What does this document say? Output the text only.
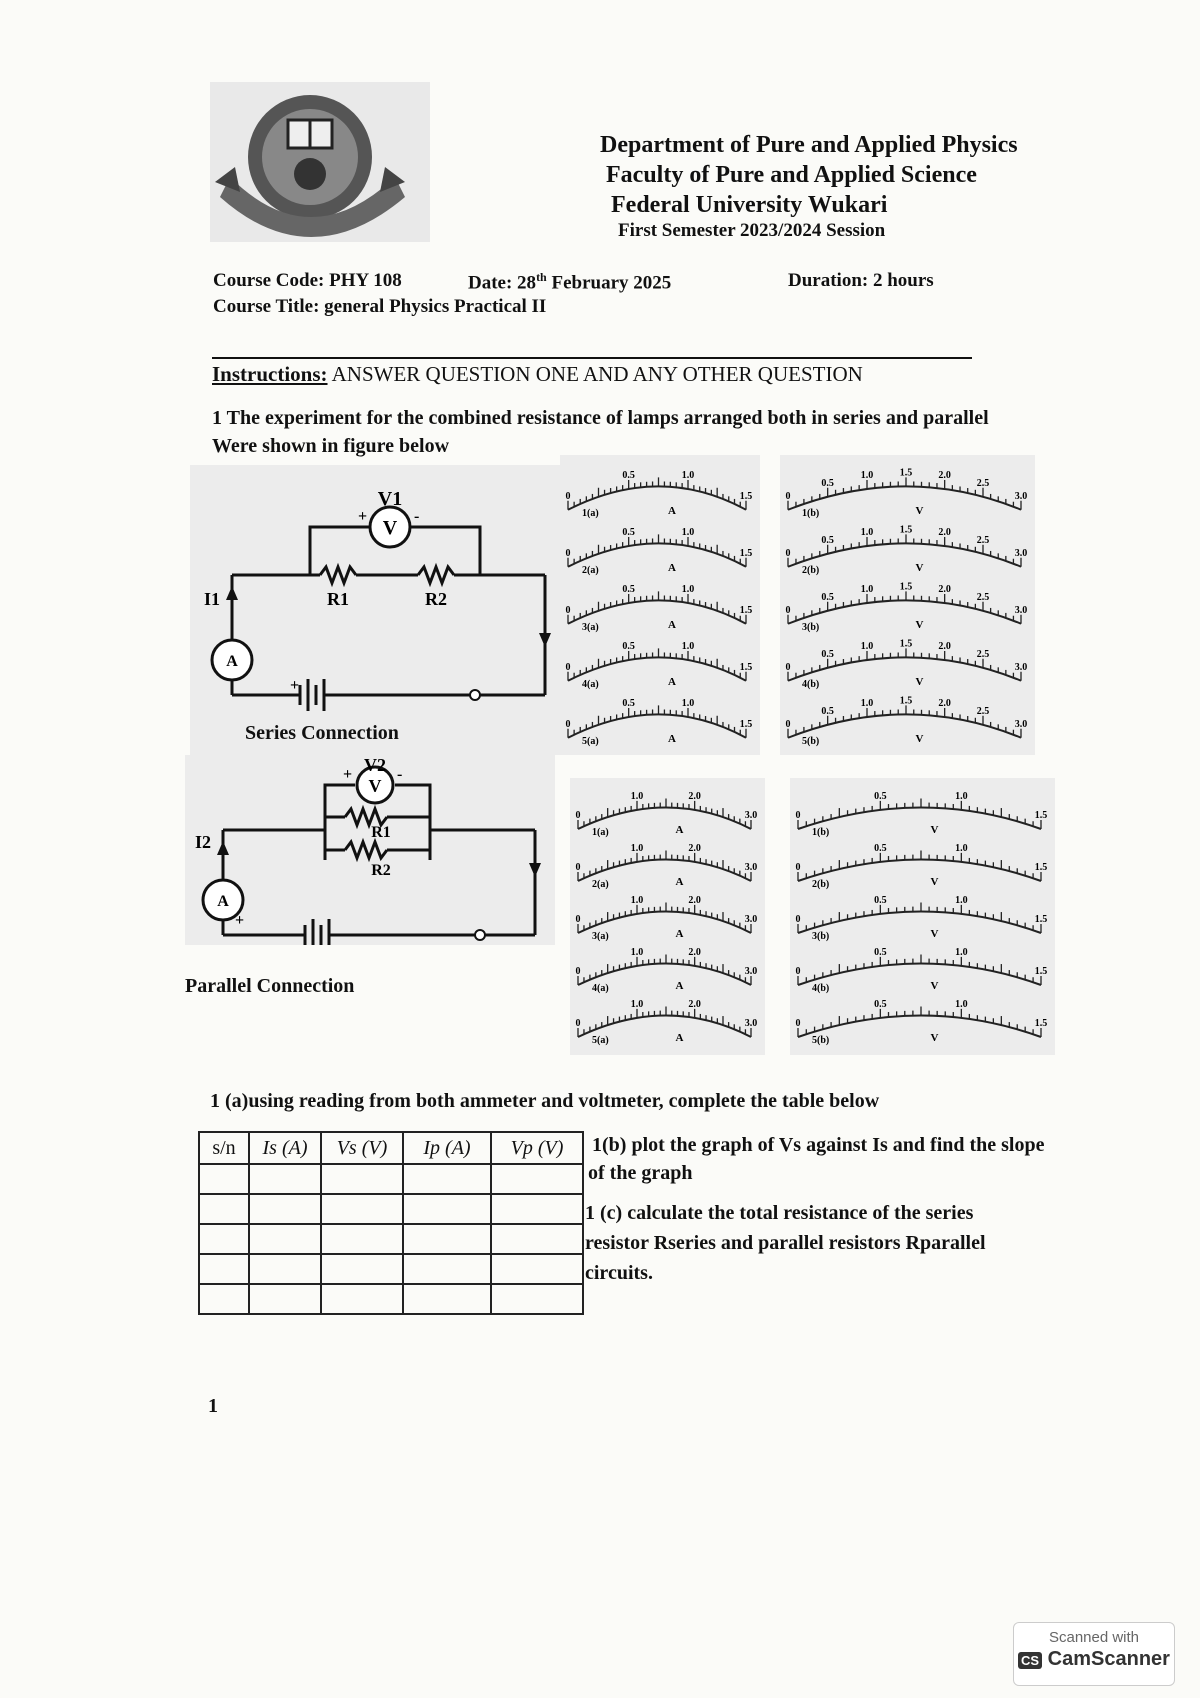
Department of Pure and Applied Physics
Faculty of Pure and Applied Science
Federal University Wukari
First Semester 2023/2024 Session
Course Code: PHY 108	Date: 28th February 2025	Duration: 2 hours
Course Title: general Physics Practical II
Instructions: ANSWER QUESTION ONE AND ANY OTHER QUESTION
1 The experiment for the combined resistance of lamps arranged both in series and parallel
Were shown in figure below
V
A
+	-
+
V1
R1	R2
I1
Series Connection
V
A
+	-
+
V2
R1
R2
I2
Parallel Connection
0
0.5	1.0
1.5
1(a)	A
0
0.5	1.0
1.5
2(a)	A
0
0.5	1.0
1.5
3(a)	A
0
0.5	1.0
1.5
4(a)	A
0
0.5	1.0
1.5
5(a)	A
0
0.5
1.0	1.5	2.0
2.5
3.0
1(b)	V
0
0.5
1.0	1.5	2.0
2.5
3.0
2(b)	V
0
0.5
1.0	1.5	2.0
2.5
3.0
3(b)	V
0
0.5
1.0	1.5	2.0
2.5
3.0
4(b)	V
0
0.5
1.0	1.5	2.0
2.5
3.0
5(b)	V
0
1.0	2.0
3.0
1(a)	A
0
1.0	2.0
3.0
2(a)	A
0
1.0	2.0
3.0
3(a)	A
0
1.0	2.0
3.0
4(a)	A
0
1.0	2.0
3.0
5(a)	A
0
0.5	1.0
1.5
1(b)	V
0
0.5	1.0
1.5
2(b)	V
0
0.5	1.0
1.5
3(b)	V
0
0.5	1.0
1.5
4(b)	V
0
0.5	1.0
1.5
5(b)	V
1 (a)using reading from both ammeter and voltmeter, complete the table below
s/n	Is (A)	Vs (V)	Ip (A)	Vp (V)

				1(b) plot the graph of Vs against Is and find the slope
of the graph
1 (c) calculate the total resistance of the series
resistor Rseries and parallel resistors Rparallel
circuits.
1
Scanned with
CS CamScanner
